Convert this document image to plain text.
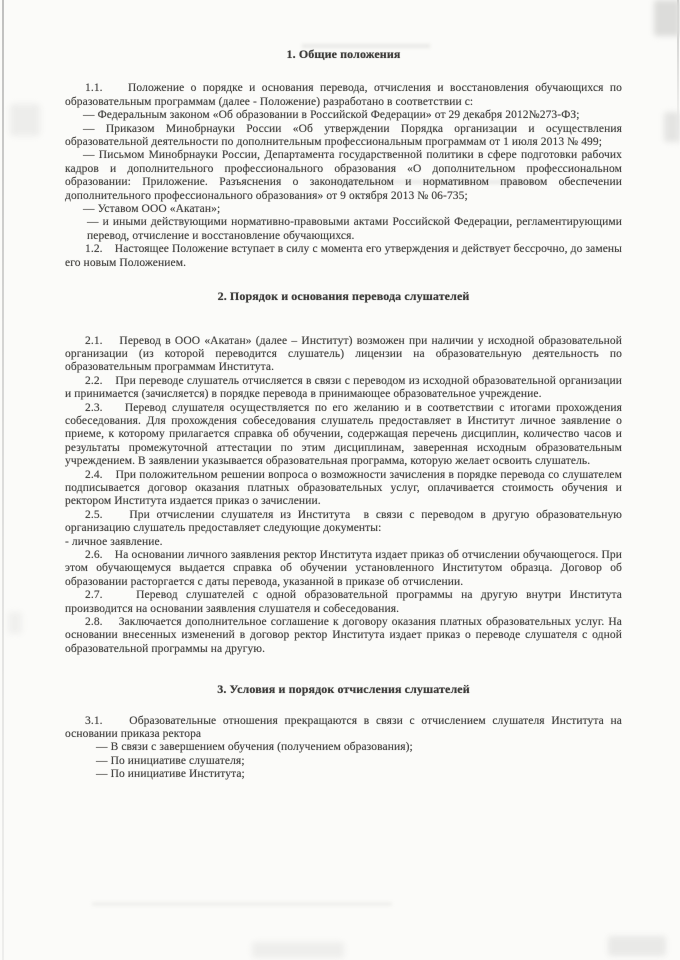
1. Общие положения

1.1.    Положение о порядке и основания перевода, отчисления и восстановления обучающихся по образовательным программам (далее - Положение) разработано в соответствии с:

— Федеральным законом «Об образовании в Российской Федерации» от 29 декабря 2012№273-ФЗ;

— Приказом Минобрнауки России «Об утверждении Порядка организации и осуществления образовательной деятельности по дополнительным профессиональным программам от 1 июля 2013 № 499;

— Письмом Минобрнауки России, Департамента государственной политики в сфере подготовки рабочих кадров и дополнительного профессионального образования «О дополнительном профессиональном образовании: Приложение. Разъяснения о законодательном и нормативном правовом обеспечении дополнительного профессионального образования» от 9 октября 2013 № 06-735;

— Уставом ООО «Акатан»;

— и иными действующими нормативно-правовыми актами Российской Федерации, регламентирующими перевод, отчисление и восстановление обучающихся.

1.2.    Настоящее Положение вступает в силу с момента его утверждения и действует бессрочно, до замены его новым Положением.

2. Порядок и основания перевода слушателей

2.1.    Перевод в ООО «Акатан» (далее – Институт) возможен при наличии у исходной образовательной организации (из которой переводится слушатель) лицензии на образовательную деятельность по образовательным программам Института.

2.2.    При переводе слушатель отчисляется в связи с переводом из исходной образовательной организации и принимается (зачисляется) в порядке перевода в принимающее образовательное учреждение.

2.3.    Перевод слушателя осуществляется по его желанию и в соответствии с итогами прохождения собеседования. Для прохождения собеседования слушатель предоставляет в Институт личное заявление о приеме, к которому прилагается справка об обучении, содержащая перечень дисциплин, количество часов и результаты промежуточной аттестации по этим дисциплинам, заверенная исходным образовательным учреждением. В заявлении указывается образовательная программа, которую желает освоить слушатель.

2.4.    При положительном решении вопроса о возможности зачисления в порядке перевода со слушателем подписывается договор оказания платных образовательных услуг, оплачивается стоимость обучения и ректором Института издается приказ о зачислении.

2.5.    При отчислении слушателя из Института  в связи с переводом в другую образовательную организацию слушатель предоставляет следующие документы:

- личное заявление.

2.6.    На основании личного заявления ректор Института издает приказ об отчислении обучающегося. При этом обучающемуся выдается справка об обучении установленного Институтом образца. Договор об образовании расторгается с даты перевода, указанной в приказе об отчислении.

2.7.    Перевод слушателей с одной образовательной программы на другую внутри Института производится на основании заявления слушателя и собеседования.

2.8.    Заключается дополнительное соглашение к договору оказания платных образовательных услуг. На основании внесенных изменений в договор ректор Института издает приказ о переводе слушателя с одной образовательной программы на другую.

3. Условия и порядок отчисления слушателей

3.1.    Образовательные отношения прекращаются в связи с отчислением слушателя Института на основании приказа ректора

— В связи с завершением обучения (получением образования);

— По инициативе слушателя;

— По инициативе Института;
